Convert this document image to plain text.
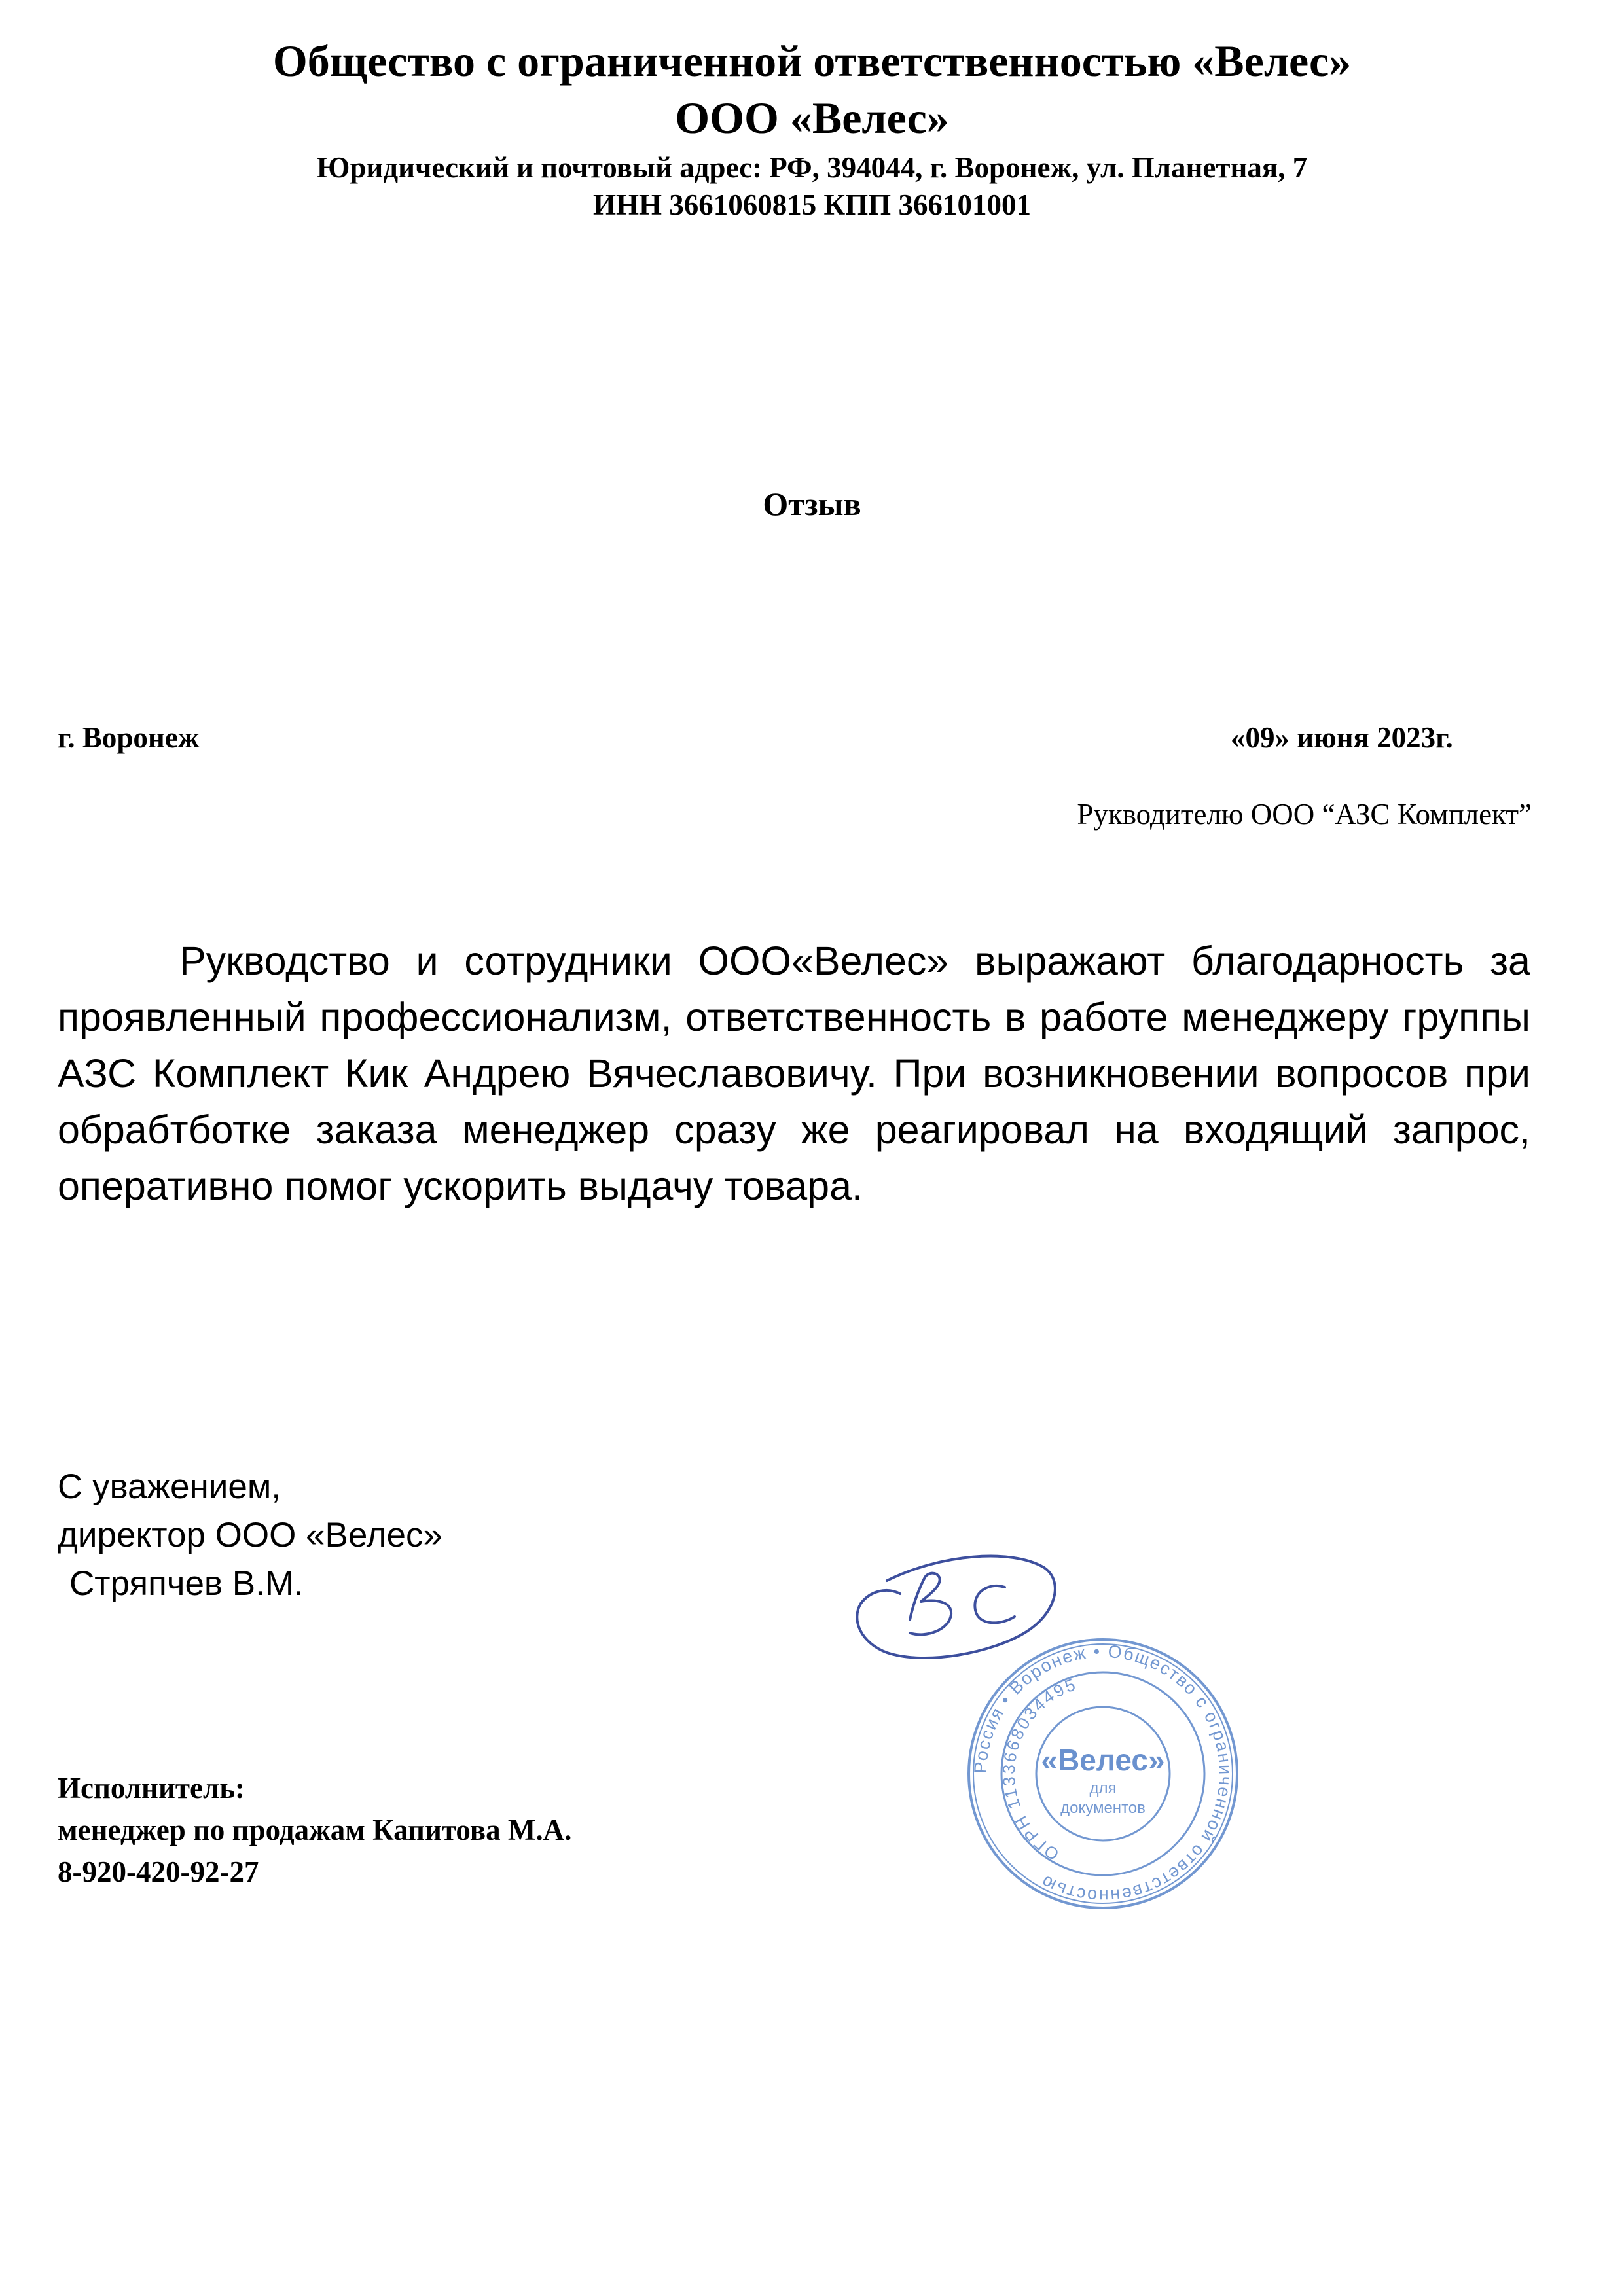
Общество с ограниченной ответственностью «Велес»
ООО «Велес»
Юридический и почтовый адрес: РФ, 394044, г. Воронеж, ул. Планетная, 7
ИНН 3661060815 КПП 366101001
Отзыв
г. Воронеж	«09» июня 2023г.
Рукводителю ООО “АЗС Комплект”
Рукводство и сотрудники ООО«Велес» выражают благодарность за проявленный профессионализм, ответственность в работе менеджеру группы АЗС Комплект Кик Андрею Вячеславовичу. При возникновении вопросов при обрабтботке заказа менеджер сразу же реагировал на входящий запрос, оперативно помог ускорить выдачу товара.
С уважением,
директор ООО «Велес»
Стряпчев В.М.
Исполнитель:
менеджер по продажам Капитова М.А.
8-920-420-92-27
Россия • Воронеж • Общество с ограниченной ответственностью
ОГРН 1133668034495
«Велес»
для
документов
